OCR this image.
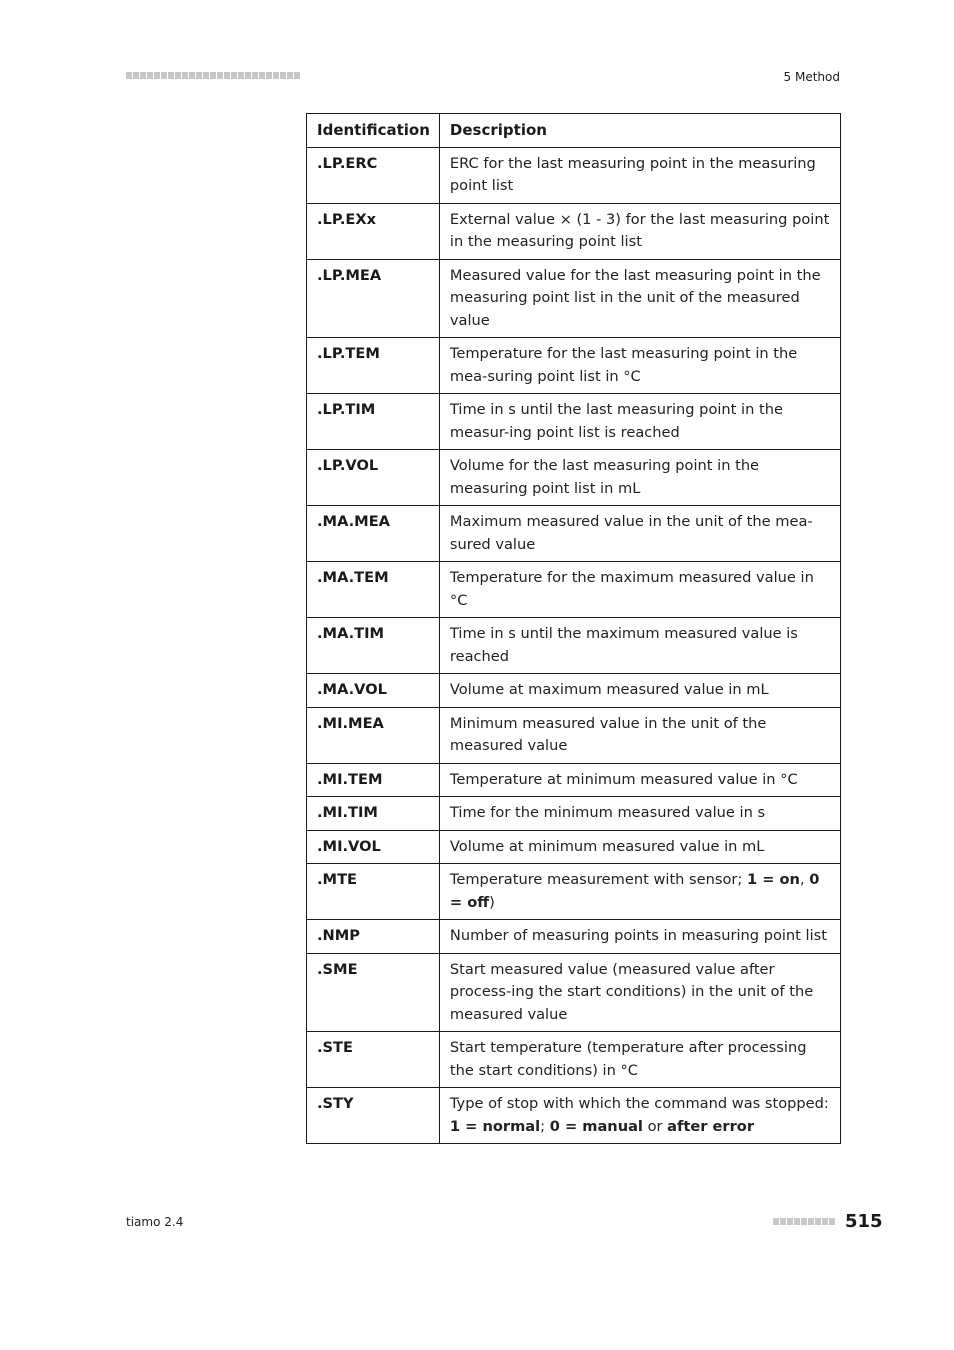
5 Method
Identification	Description
.LP.ERC	ERC for the last measuring point in the measuring point list
.LP.EXx	External value × (1 - 3) for the last measuring point in the measuring point list
.LP.MEA	Measured value for the last measuring point in the measuring point list in the unit of the measured value
.LP.TEM	Temperature for the last measuring point in the mea-suring point list in °C
.LP.TIM	Time in s until the last measuring point in the measur-ing point list is reached
.LP.VOL	Volume for the last measuring point in the measuring point list in mL
.MA.MEA	Maximum measured value in the unit of the mea-sured value
.MA.TEM	Temperature for the maximum measured value in °C
.MA.TIM	Time in s until the maximum measured value is reached
.MA.VOL	Volume at maximum measured value in mL
.MI.MEA	Minimum measured value in the unit of the measured value
.MI.TEM	Temperature at minimum measured value in °C
.MI.TIM	Time for the minimum measured value in s
.MI.VOL	Volume at minimum measured value in mL
.MTE	Temperature measurement with sensor; 1 = on, 0 = off)
.NMP	Number of measuring points in measuring point list
.SME	Start measured value (measured value after process-ing the start conditions) in the unit of the measured value
.STE	Start temperature (temperature after processing the start conditions) in °C
.STY	Type of stop with which the command was stopped: 1 = normal; 0 = manual or after error
tiamo 2.4	515
